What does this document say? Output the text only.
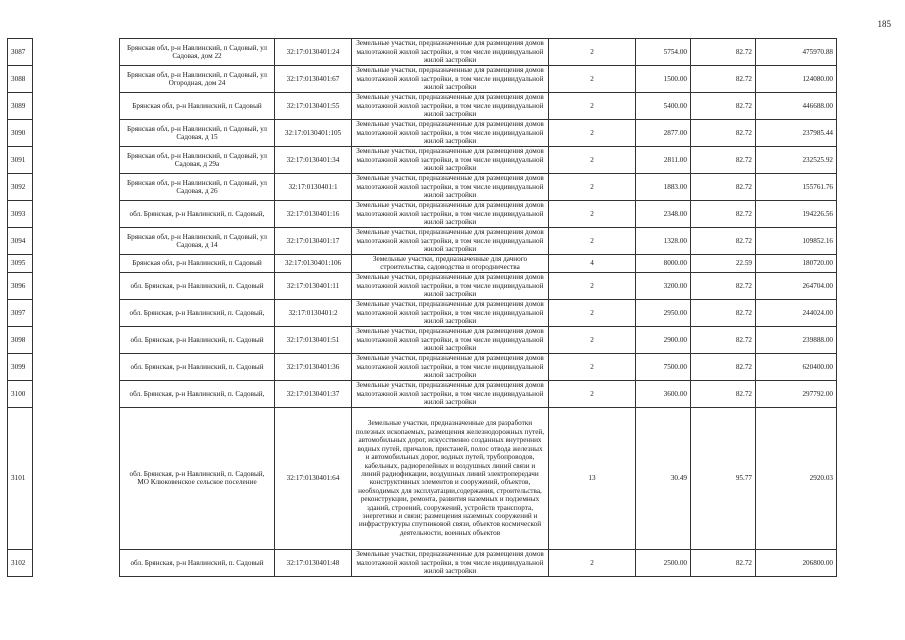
185
3087		Брянская обл, р-н Навлинский, п Садовый, ул Садовая, дом 22	32:17:0130401:24	Земельные участки, предназначенные для размещения домов малоэтажной жилой застройки, в том числе индивидуальной жилой застройки	2	5754.00	82.72	475970.88
3088		Брянская обл, р-н Навлинский, п Садовый, ул Огородная, дом 24	32:17:0130401:67	Земельные участки, предназначенные для размещения домов малоэтажной жилой застройки, в том числе индивидуальной жилой застройки	2	1500.00	82.72	124080.00
3089		Брянская обл, р-н Навлинский, п Садовый	32:17:0130401:55	Земельные участки, предназначенные для размещения домов малоэтажной жилой застройки, в том числе индивидуальной жилой застройки	2	5400.00	82.72	446688.00
3090		Брянская обл, р-н Навлинский, п Садовый, ул Садовая, д 15	32:17:0130401:105	Земельные участки, предназначенные для размещения домов малоэтажной жилой застройки, в том числе индивидуальной жилой застройки	2	2877.00	82.72	237985.44
3091		Брянская обл, р-н Навлинский, п Садовый, ул Садовая, д 29а	32:17:0130401:34	Земельные участки, предназначенные для размещения домов малоэтажной жилой застройки, в том числе индивидуальной жилой застройки	2	2811.00	82.72	232525.92
3092		Брянская обл, р-н Навлинский, п Садовый, ул Садовая, д 26	32:17:0130401:1	Земельные участки, предназначенные для размещения домов малоэтажной жилой застройки, в том числе индивидуальной жилой застройки	2	1883.00	82.72	155761.76
3093		обл. Брянская, р-н Навлинский, п. Садовый,	32:17:0130401:16	Земельные участки, предназначенные для размещения домов малоэтажной жилой застройки, в том числе индивидуальной жилой застройки	2	2348.00	82.72	194226.56
3094		Брянская обл, р-н Навлинский, п Садовый, ул Садовая, д 14	32:17:0130401:17	Земельные участки, предназначенные для размещения домов малоэтажной жилой застройки, в том числе индивидуальной жилой застройки	2	1328.00	82.72	109852.16
3095		Брянская обл, р-н Навлинский, п Садовый	32:17:0130401:106	Земельные участки, предназначенные для дачного строительства, садоводства и огородничества	4	8000.00	22.59	180720.00
3096		обл. Брянская, р-н Навлинский, п. Садовый	32:17:0130401:11	Земельные участки, предназначенные для размещения домов малоэтажной жилой застройки, в том числе индивидуальной жилой застройки	2	3200.00	82.72	264704.00
3097		обл. Брянская, р-н Навлинский, п. Садовый,	32:17:0130401:2	Земельные участки, предназначенные для размещения домов малоэтажной жилой застройки, в том числе индивидуальной жилой застройки	2	2950.00	82.72	244024.00
3098		обл. Брянская, р-н Навлинский, п. Садовый	32:17:0130401:51	Земельные участки, предназначенные для размещения домов малоэтажной жилой застройки, в том числе индивидуальной жилой застройки	2	2900.00	82.72	239888.00
3099		обл. Брянская, р-н Навлинский, п. Садовый	32:17:0130401:36	Земельные участки, предназначенные для размещения домов малоэтажной жилой застройки, в том числе индивидуальной жилой застройки	2	7500.00	82.72	620400.00
3100		обл. Брянская, р-н Навлинский, п. Садовый,	32:17:0130401:37	Земельные участки, предназначенные для размещения домов малоэтажной жилой застройки, в том числе индивидуальной жилой застройки	2	3600.00	82.72	297792.00
3101		обл. Брянская, р-н Навлинский, п. Садовый, МО Клюковенское сельское поселение	32:17:0130401:64	Земельные участки, предназначенные для разработки полезных ископаемых, размещения железнодорожных путей, автомобильных дорог, искусственно созданных внутренних водных путей, причалов, пристаней, полос отвода железных и автомобильных дорог, водных путей, трубопроводов, кабельных, радиорелейных и воздушных линий связи и линий радиофикации, воздушных линий электропередачи конструктивных элементов и сооружений, объектов, необходимых для эксплуатации,содержания, строительства, реконструкции, ремонта, развития наземных и подземных зданий, строений, сооружений, устройств транспорта, энергетики и связи; размещения наземных сооружений и инфраструктуры спутниковой связи, объектов космической деятельности, военных объектов	13	30.49	95.77	2920.03
3102		обл. Брянская, р-н Навлинский, п. Садовый	32:17:0130401:48	Земельные участки, предназначенные для размещения домов малоэтажной жилой застройки, в том числе индивидуальной жилой застройки	2	2500.00	82.72	206800.00
